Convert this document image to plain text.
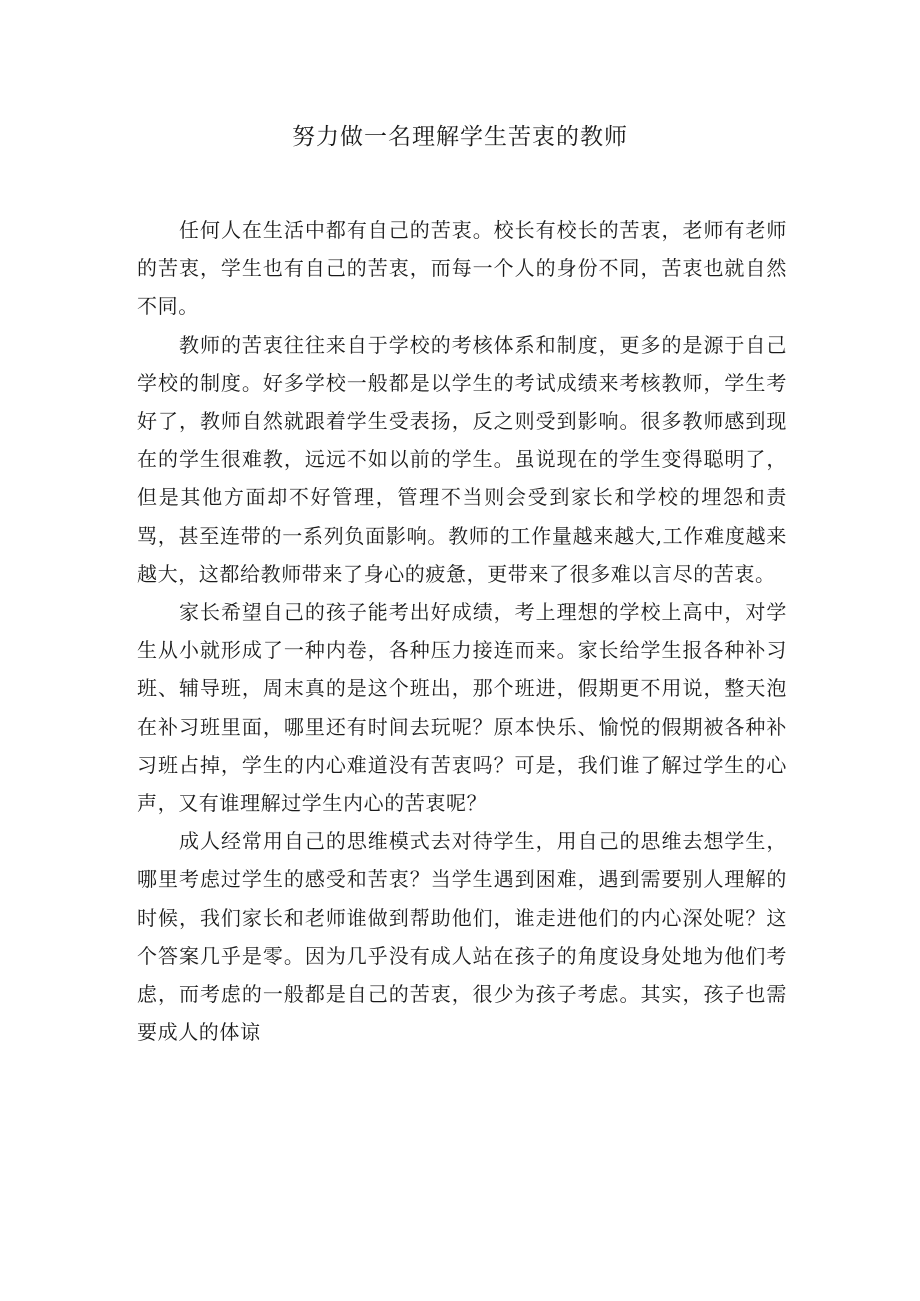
努力做一名理解学生苦衷的教师

任何人在生活中都有自己的苦衷。校长有校长的苦衷，老师有老师的苦衷，学生也有自己的苦衷，而每一个人的身份不同，苦衷也就自然不同。

教师的苦衷往往来自于学校的考核体系和制度，更多的是源于自己学校的制度。好多学校一般都是以学生的考试成绩来考核教师，学生考好了，教师自然就跟着学生受表扬，反之则受到影响。很多教师感到现在的学生很难教，远远不如以前的学生。虽说现在的学生变得聪明了，但是其他方面却不好管理，管理不当则会受到家长和学校的埋怨和责骂，甚至连带的一系列负面影响。教师的工作量越来越大,工作难度越来越大，这都给教师带来了身心的疲惫，更带来了很多难以言尽的苦衷。

家长希望自己的孩子能考出好成绩，考上理想的学校上高中，对学生从小就形成了一种内卷，各种压力接连而来。家长给学生报各种补习班、辅导班，周末真的是这个班出，那个班进，假期更不用说，整天泡在补习班里面，哪里还有时间去玩呢？原本快乐、愉悦的假期被各种补习班占掉，学生的内心难道没有苦衷吗？可是，我们谁了解过学生的心声，又有谁理解过学生内心的苦衷呢？

成人经常用自己的思维模式去对待学生，用自己的思维去想学生，哪里考虑过学生的感受和苦衷？当学生遇到困难，遇到需要别人理解的时候，我们家长和老师谁做到帮助他们，谁走进他们的内心深处呢？这个答案几乎是零。因为几乎没有成人站在孩子的角度设身处地为他们考虑，而考虑的一般都是自己的苦衷，很少为孩子考虑。其实，孩子也需要成人的体谅
